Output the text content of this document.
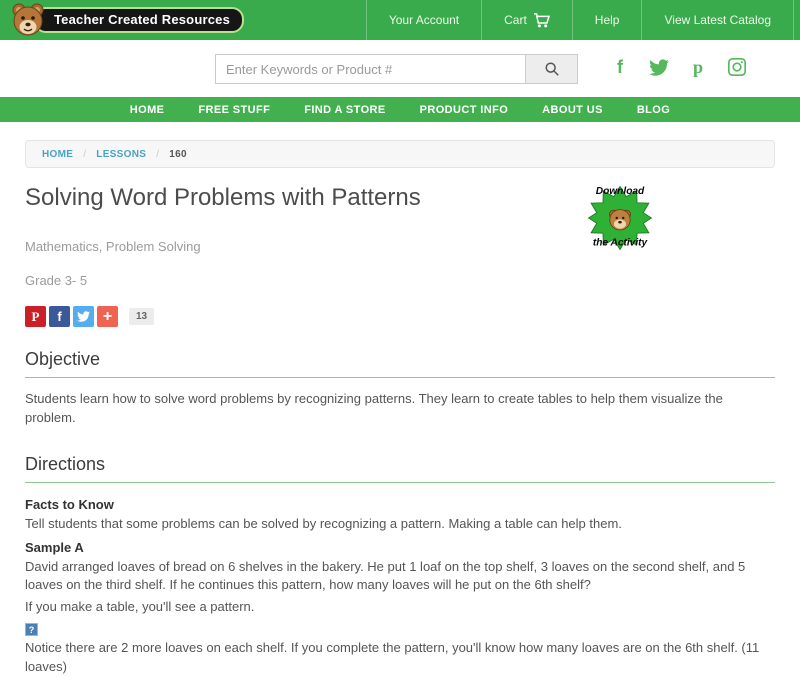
Teacher Created Resources	Your Account	Cart	Help	View Latest Catalog
Enter Keywords or Product #
f	p
HOME	FREE STUFF	FIND A STORE	PRODUCT INFO	ABOUT US	BLOG
HOME / LESSONS / 160
Solving Word Problems with Patterns	Download
the Activity
Mathematics, Problem Solving
Grade 3- 5
P	f	+	13
Objective

Students learn how to solve word problems by recognizing patterns. They learn to create tables to help them visualize the problem.

Directions
Facts to Know

Tell students that some problems can be solved by recognizing a pattern. Making a table can help them.

Sample A

David arranged loaves of bread on 6 shelves in the bakery. He put 1 loaf on the top shelf, 3 loaves on the second shelf, and 5 loaves on the third shelf. If he continues this pattern, how many loaves will he put on the 6th shelf?

If you make a table, you'll see a pattern.

?

Notice there are 2 more loaves on each shelf. If you complete the pattern, you'll know how many loaves are on the 6th shelf. (11 loaves)
